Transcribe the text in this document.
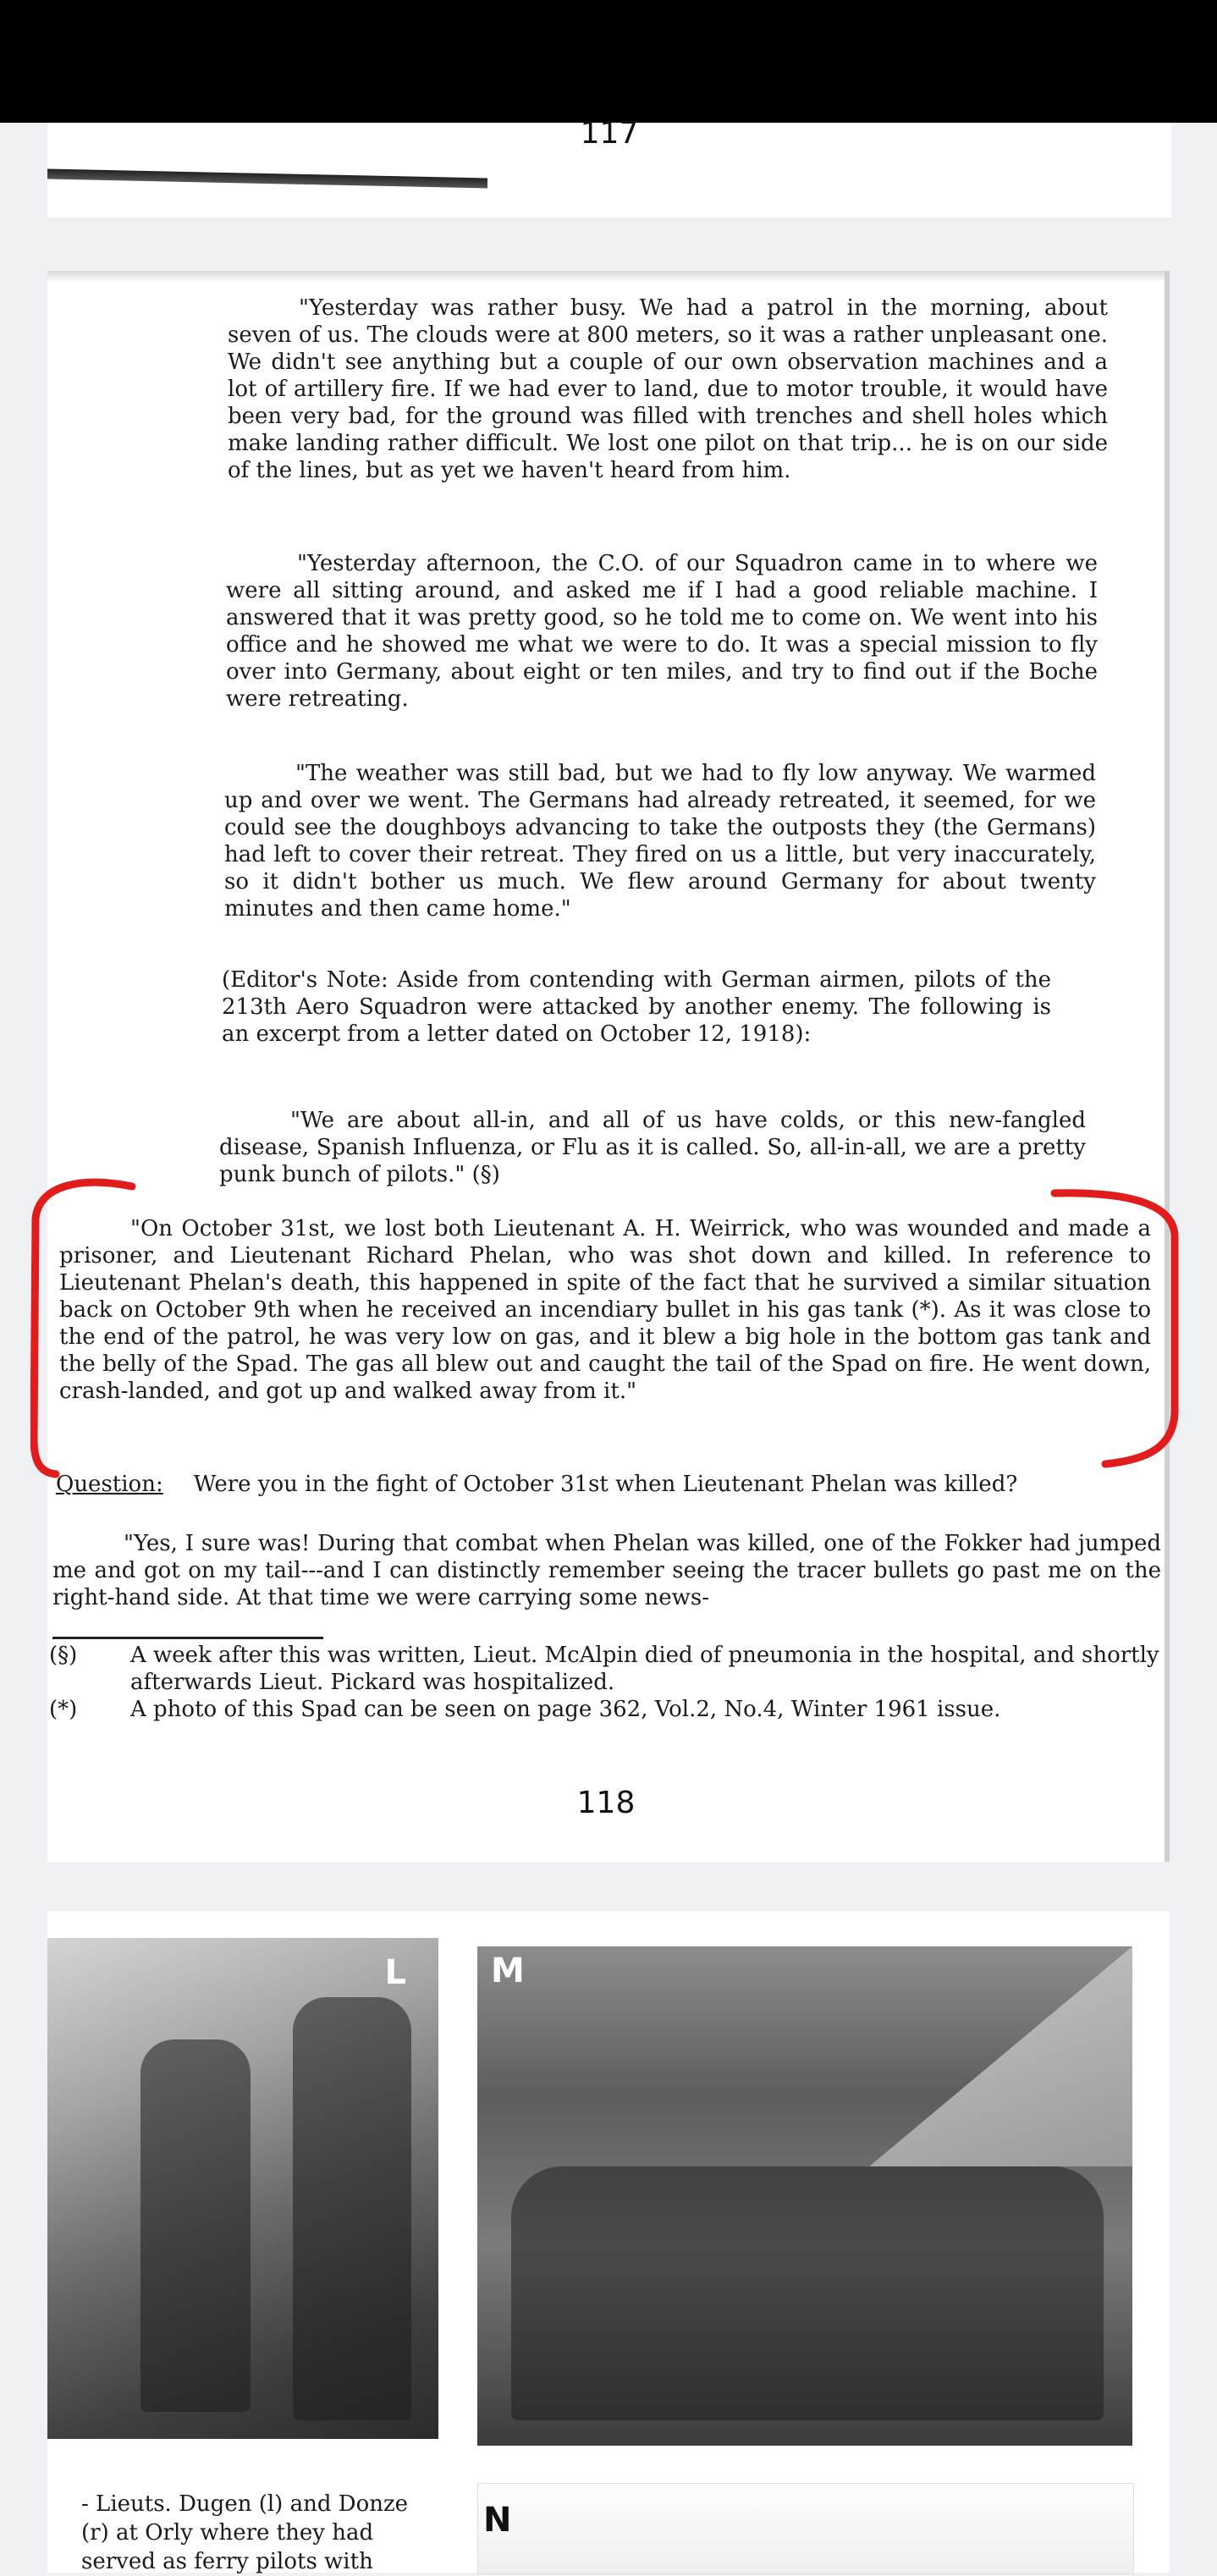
117

"Yesterday was rather busy. We had a patrol in the morning, about seven of us. The clouds were at 800 meters, so it was a rather unpleasant one. We didn't see anything but a couple of our own observation machines and a lot of artillery fire. If we had ever to land, due to motor trouble, it would have been very bad, for the ground was filled with trenches and shell holes which make landing rather difficult. We lost one pilot on that trip... he is on our side of the lines, but as yet we haven't heard from him.

"Yesterday afternoon, the C.O. of our Squadron came in to where we were all sitting around, and asked me if I had a good reliable machine. I answered that it was pretty good, so he told me to come on. We went into his office and he showed me what we were to do. It was a special mission to fly over into Germany, about eight or ten miles, and try to find out if the Boche were retreating.

"The weather was still bad, but we had to fly low anyway. We warmed up and over we went. The Germans had already retreated, it seemed, for we could see the doughboys advancing to take the outposts they (the Germans) had left to cover their retreat. They fired on us a little, but very inaccurately, so it didn't bother us much. We flew around Germany for about twenty minutes and then came home."

(Editor's Note: Aside from contending with German airmen, pilots of the 213th Aero Squadron were attacked by another enemy. The following is an excerpt from a letter dated on October 12, 1918):

"We are about all-in, and all of us have colds, or this new-fangled disease, Spanish Influenza, or Flu as it is called. So, all-in-all, we are a pretty punk bunch of pilots." (§)

"On October 31st, we lost both Lieutenant A. H. Weirrick, who was wounded and made a prisoner, and Lieutenant Richard Phelan, who was shot down and killed. In reference to Lieutenant Phelan's death, this happened in spite of the fact that he survived a similar situation back on October 9th when he received an incendiary bullet in his gas tank (*). As it was close to the end of the patrol, he was very low on gas, and it blew a big hole in the bottom gas tank and the belly of the Spad. The gas all blew out and caught the tail of the Spad on fire. He went down, crash-landed, and got up and walked away from it."

Question: Were you in the fight of October 31st when Lieutenant Phelan was killed?

"Yes, I sure was! During that combat when Phelan was killed, one of the Fokker had jumped me and got on my tail---and I can distinctly remember seeing the tracer bullets go past me on the right-hand side. At that time we were carrying some news-

(§)	A week after this was written, Lieut. McAlpin died of pneumonia in the hospital, and shortly afterwards Lieut. Pickard was hospitalized.
(*)	A photo of this Spad can be seen on page 362, Vol.2, No.4, Winter 1961 issue.
118
L	M
N
- Lieuts. Dugen (l) and Donze (r) at Orly where they had served as ferry pilots with
